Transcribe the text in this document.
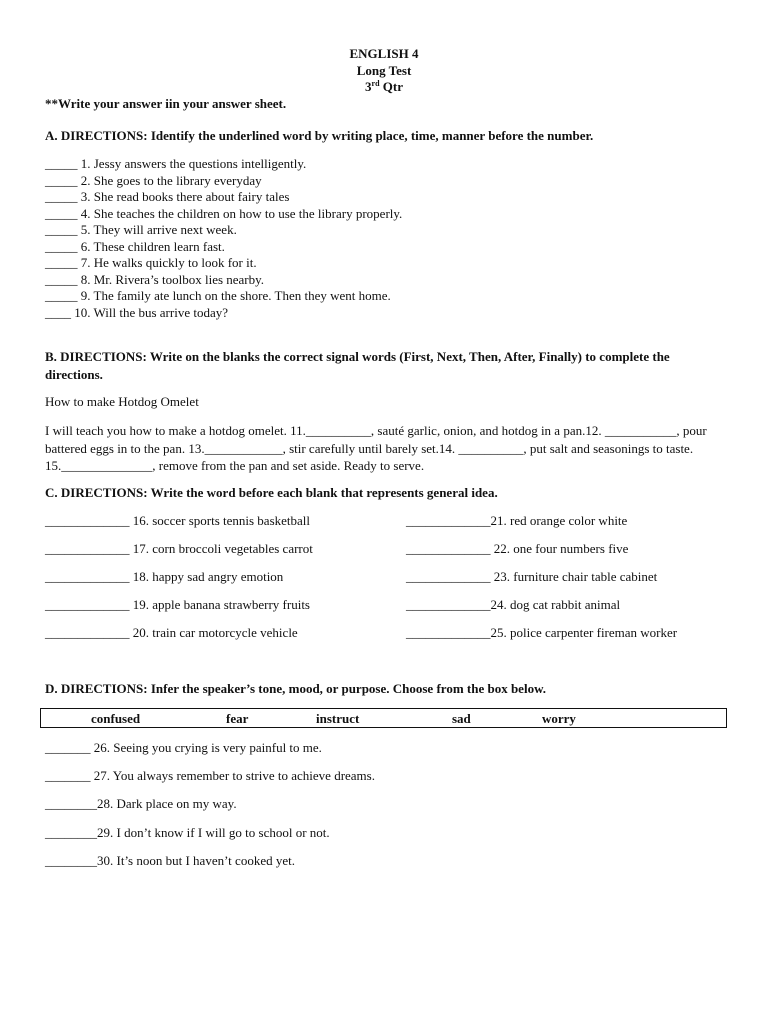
ENGLISH 4
Long Test
3rd Qtr
**Write your answer iin your answer sheet.
A. DIRECTIONS: Identify the underlined word by writing place, time, manner before the number.
_____ 1. Jessy answers the questions intelligently.
_____ 2. She goes to the library everyday
_____ 3. She read books there about fairy tales
_____ 4. She teaches the children on how to use the library properly.
_____ 5. They will arrive next week.
_____ 6. These children learn fast.
_____ 7. He walks quickly to look for it.
_____ 8. Mr. Rivera’s toolbox lies nearby.
_____ 9. The family ate lunch on the shore. Then they went home.
____ 10. Will the bus arrive today?
B. DIRECTIONS: Write on the blanks the correct signal words (First, Next, Then, After, Finally) to complete the directions.
How to make Hotdog Omelet
I will teach you how to make a hotdog omelet. 11.__________, sauté garlic, onion, and hotdog in a pan.12. ___________, pour battered eggs in to the pan. 13.____________, stir carefully until barely set.14. __________, put salt and seasonings to taste. 15.______________, remove from the pan and set aside. Ready to serve.
C. DIRECTIONS: Write the word before each blank that represents general idea.
_____________ 16. soccer sports tennis basketball
_____________ 17. corn broccoli vegetables carrot
_____________ 18. happy sad angry emotion
_____________ 19. apple banana strawberry fruits
_____________ 20. train car motorcycle vehicle
_____________21. red orange color white
_____________ 22. one four numbers five
_____________ 23. furniture chair table cabinet
_____________24. dog cat rabbit animal
_____________25. police carpenter fireman worker
D. DIRECTIONS: Infer the speaker’s tone, mood, or purpose. Choose from the box below.
confused	fear	instruct	sad	worry
_______ 26. Seeing you crying is very painful to me.
_______ 27. You always remember to strive to achieve dreams.
________28. Dark place on my way.
________29. I don’t know if I will go to school or not.
________30. It’s noon but I haven’t cooked yet.
